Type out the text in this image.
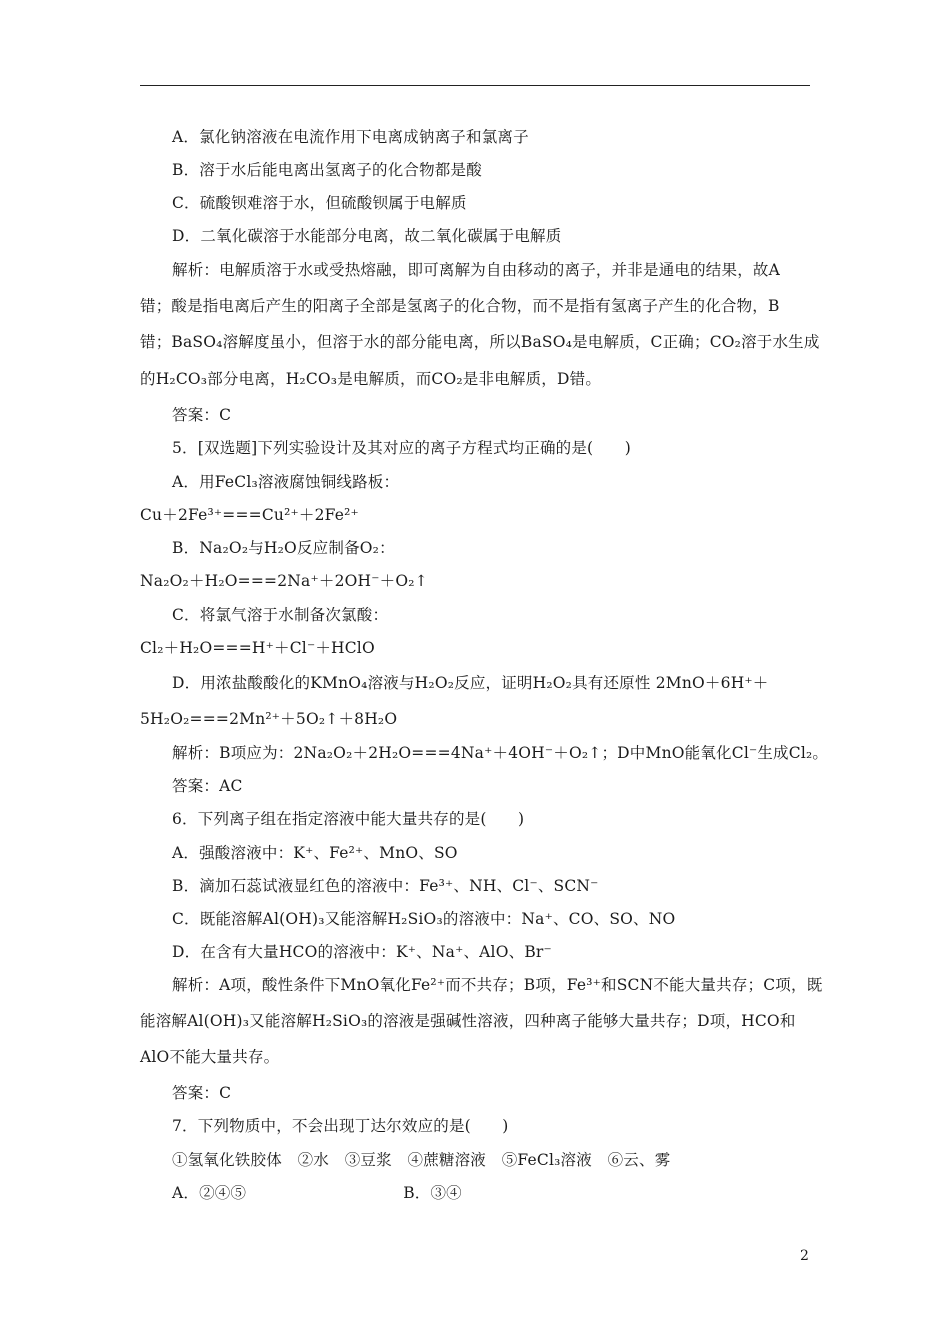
A．氯化钠溶液在电流作用下电离成钠离子和氯离子
B．溶于水后能电离出氢离子的化合物都是酸
C．硫酸钡难溶于水，但硫酸钡属于电解质
D．二氧化碳溶于水能部分电离，故二氧化碳属于电解质
解析：电解质溶于水或受热熔融，即可离解为自由移动的离子，并非是通电的结果，故A
错；酸是指电离后产生的阳离子全部是氢离子的化合物，而不是指有氢离子产生的化合物，B
错；BaSO₄溶解度虽小，但溶于水的部分能电离，所以BaSO₄是电解质，C正确；CO₂溶于水生成
的H₂CO₃部分电离，H₂CO₃是电解质，而CO₂是非电解质，D错。
答案：C
5．[双选题]下列实验设计及其对应的离子方程式均正确的是(　　)
A．用FeCl₃溶液腐蚀铜线路板：
Cu＋2Fe³⁺===Cu²⁺＋2Fe²⁺
B．Na₂O₂与H₂O反应制备O₂：
Na₂O₂＋H₂O===2Na⁺＋2OH⁻＋O₂↑
C．将氯气溶于水制备次氯酸：
Cl₂＋H₂O===H⁺＋Cl⁻＋HClO
D．用浓盐酸酸化的KMnO₄溶液与H₂O₂反应，证明H₂O₂具有还原性 2MnO＋6H⁺＋
5H₂O₂===2Mn²⁺＋5O₂↑＋8H₂O
解析：B项应为：2Na₂O₂＋2H₂O===4Na⁺＋4OH⁻＋O₂↑；D中MnO能氧化Cl⁻生成Cl₂。
答案：AC
6．下列离子组在指定溶液中能大量共存的是(　　)
A．强酸溶液中：K⁺、Fe²⁺、MnO、SO
B．滴加石蕊试液显红色的溶液中：Fe³⁺、NH、Cl⁻、SCN⁻
C．既能溶解Al(OH)₃又能溶解H₂SiO₃的溶液中：Na⁺、CO、SO、NO
D．在含有大量HCO的溶液中：K⁺、Na⁺、AlO、Br⁻
解析：A项，酸性条件下MnO氧化Fe²⁺而不共存；B项，Fe³⁺和SCN不能大量共存；C项，既
能溶解Al(OH)₃又能溶解H₂SiO₃的溶液是强碱性溶液，四种离子能够大量共存；D项，HCO和
AlO不能大量共存。
答案：C
7．下列物质中，不会出现丁达尔效应的是(　　)
①氢氧化铁胶体　②水　③豆浆　④蔗糖溶液　⑤FeCl₃溶液　⑥云、雾
A．②④⑤　　　　　　　　　　B．③④
2
